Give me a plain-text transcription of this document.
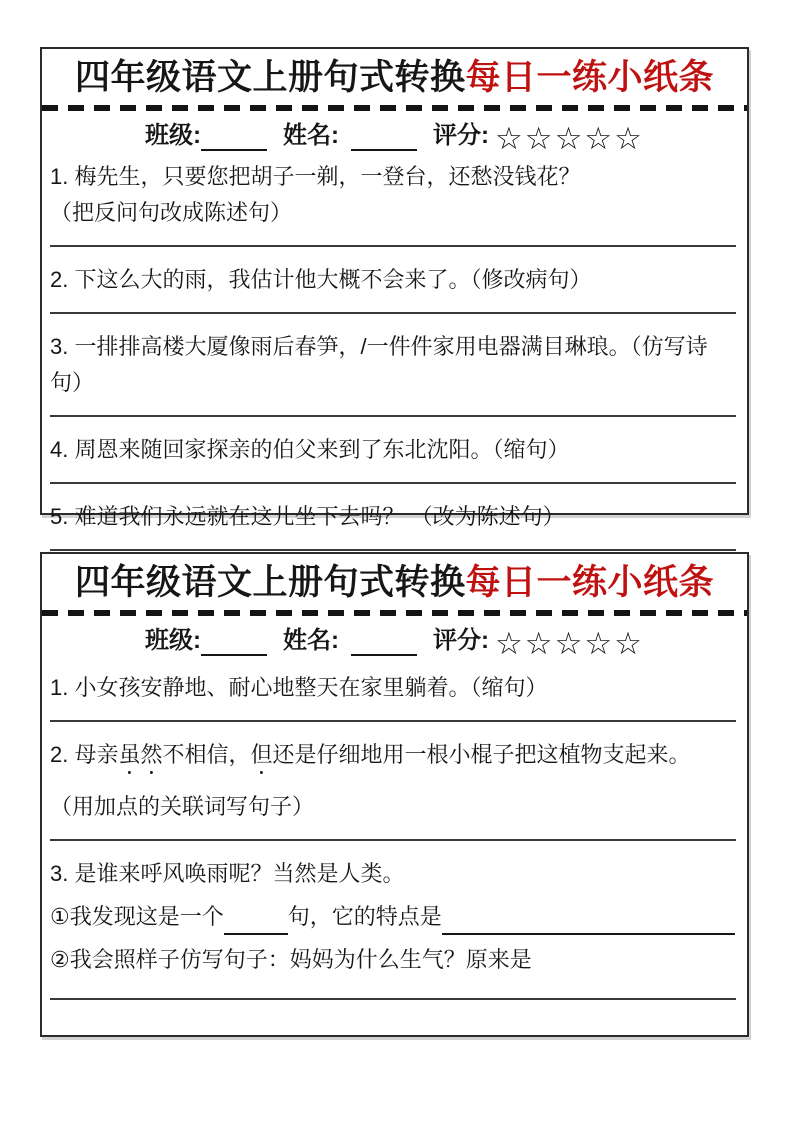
四年级语文上册句式转换每日一练小纸条
班级:	姓名:	评分: ☆☆☆☆☆

1. 梅先生，只要您把胡子一剃，一登台，还愁没钱花？

（把反问句改成陈述句）

2. 下这么大的雨，我估计他大概不会来了。（修改病句）

3. 一排排高楼大厦像雨后春笋，/一件件家用电器满目琳琅。（仿写诗句）

4. 周恩来随回家探亲的伯父来到了东北沈阳。（缩句）

5. 难道我们永远就在这儿坐下去吗？ （改为陈述句）

四年级语文上册句式转换每日一练小纸条
班级:	姓名:	评分: ☆☆☆☆☆

1. 小女孩安静地、耐心地整天在家里躺着。（缩句）

2. 母亲虽然不相信，但还是仔细地用一根小棍子把这植物支起来。

（用加点的关联词写句子）

3. 是谁来呼风唤雨呢？当然是人类。

①我发现这是一个	句，它的特点是
②我会照样子仿写句子：妈妈为什么生气？原来是
